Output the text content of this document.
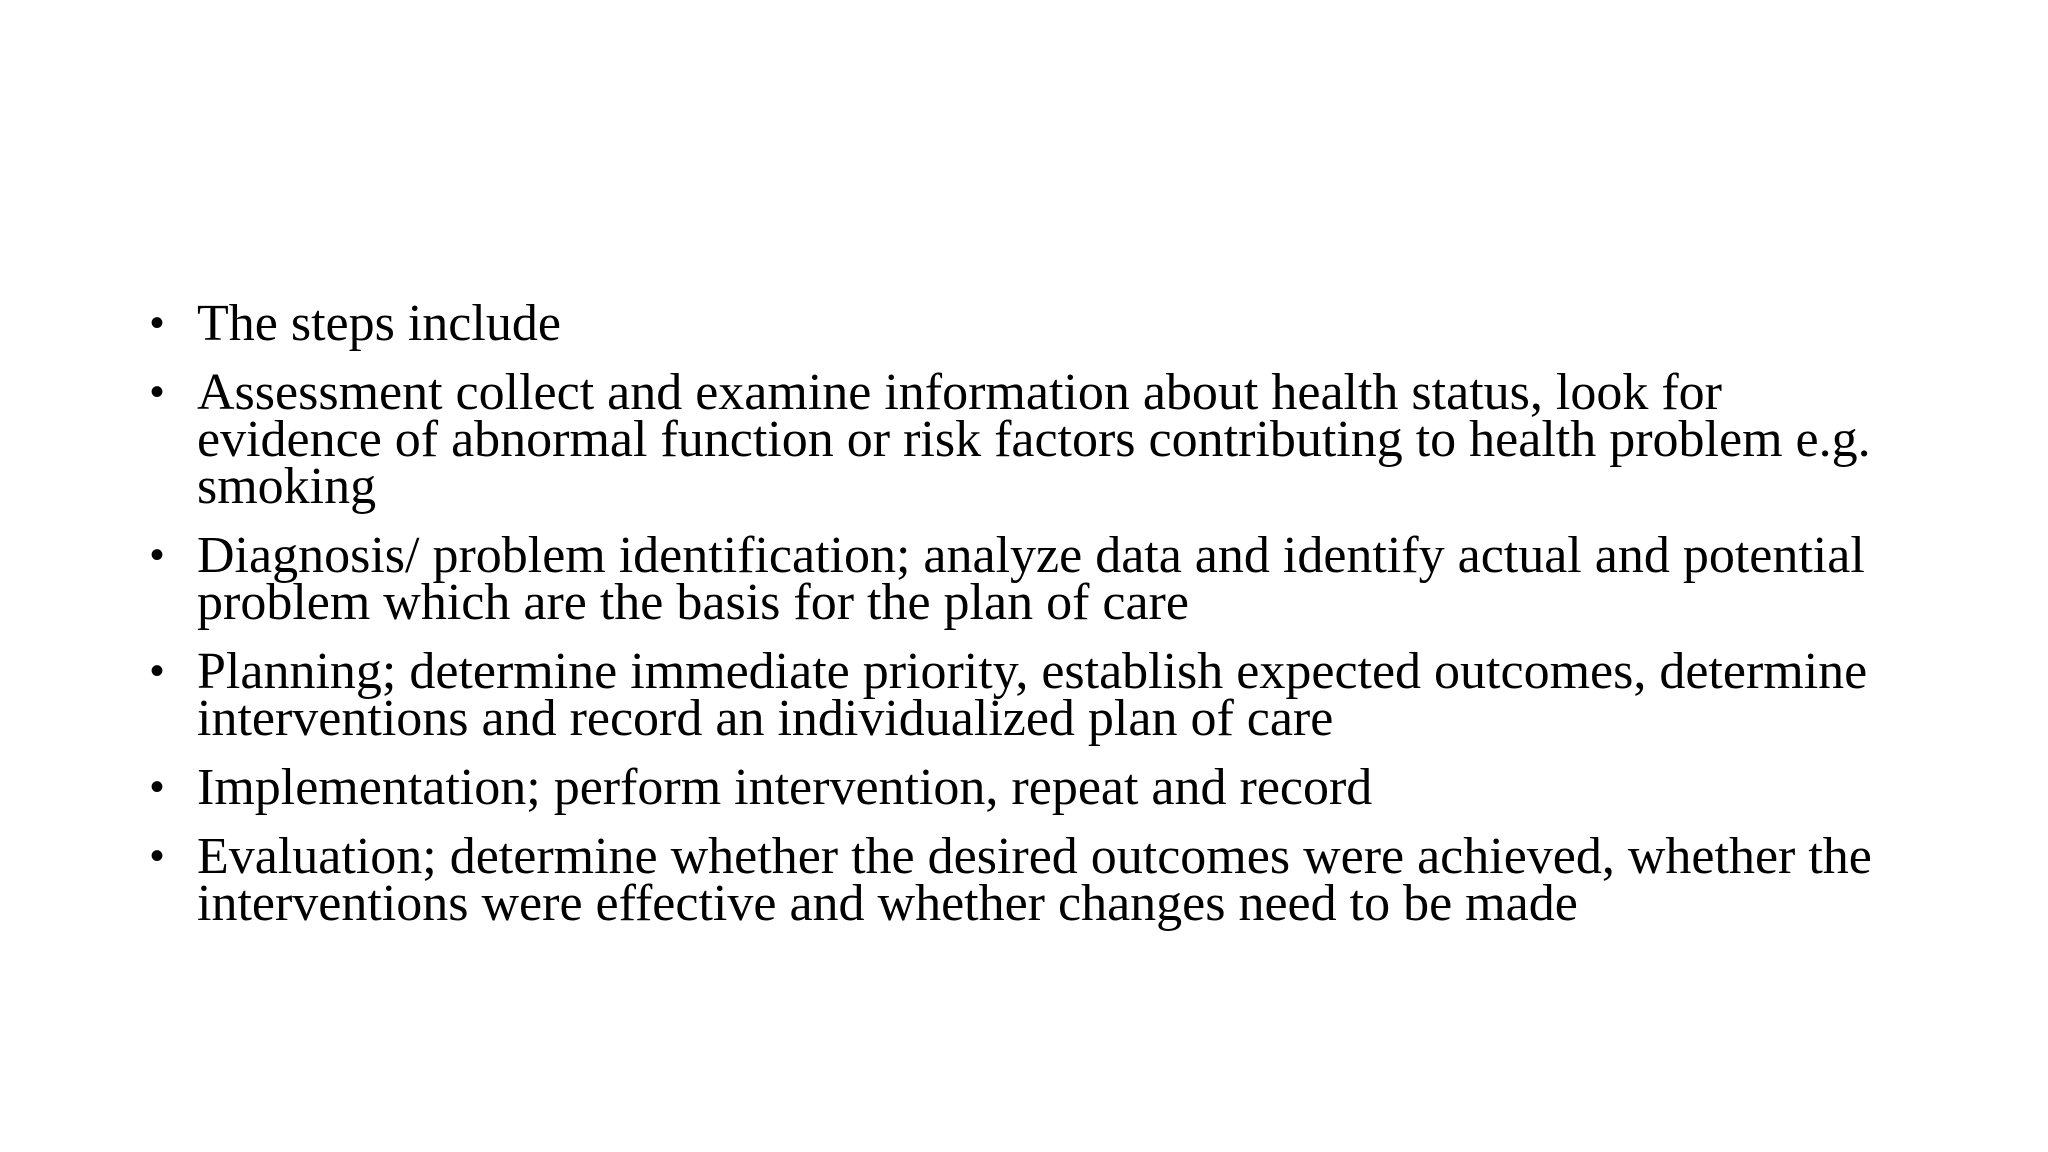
• The steps include
• Assessment collect and examine information about health status, look for evidence of abnormal function or risk factors contributing to health problem e.g. smoking
• Diagnosis/ problem identification; analyze data and identify actual and potential problem which are the basis for the plan of care
• Planning; determine immediate priority, establish expected outcomes, determine interventions and record an individualized plan of care
• Implementation; perform intervention, repeat and record
• Evaluation; determine whether the desired outcomes were achieved, whether the interventions were effective and whether changes need to be made
